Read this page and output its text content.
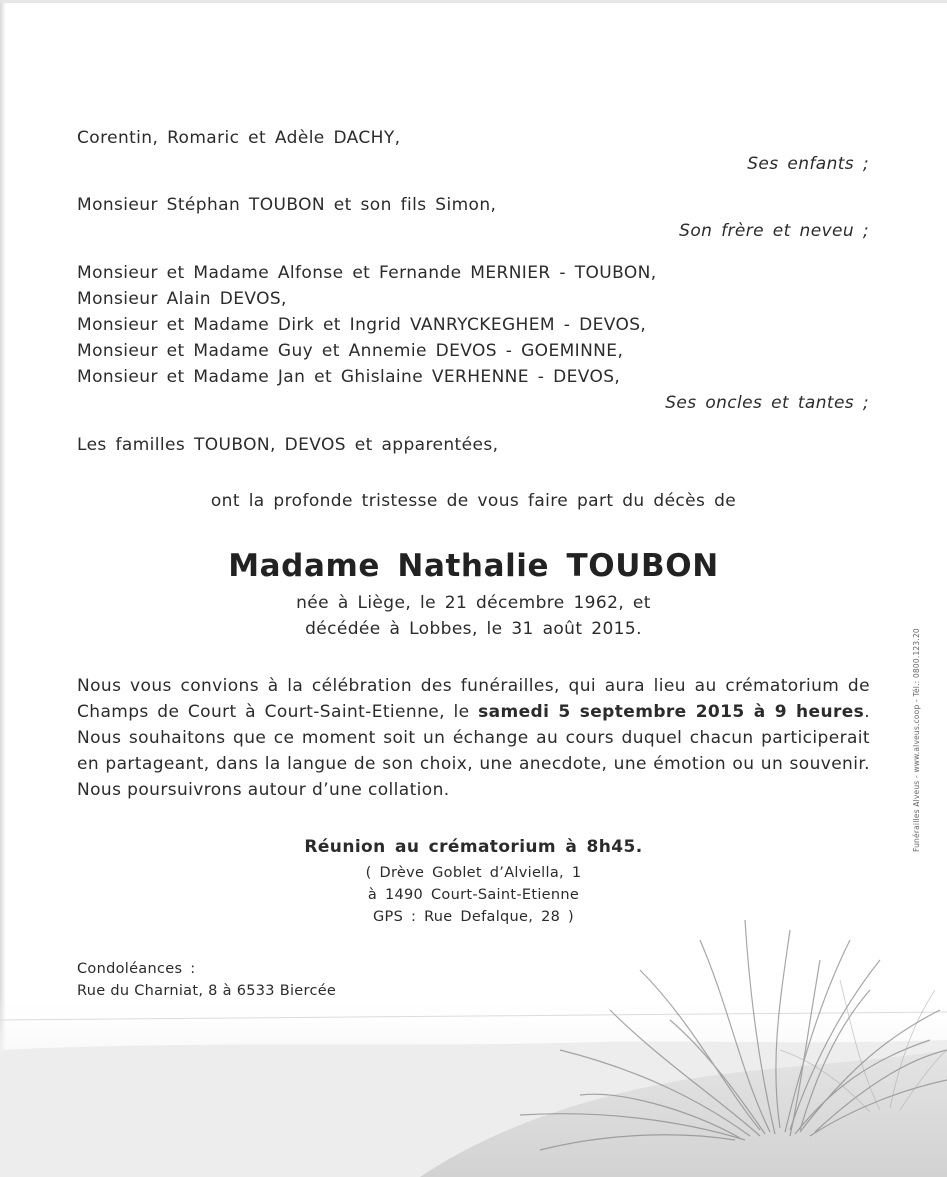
Corentin, Romaric et Adèle DACHY,
Ses enfants ;
Monsieur Stéphan TOUBON et son fils Simon,
Son frère et neveu ;
Monsieur et Madame Alfonse et Fernande MERNIER - TOUBON,
Monsieur Alain DEVOS,
Monsieur et Madame Dirk et Ingrid VANRYCKEGHEM - DEVOS,
Monsieur et Madame Guy et Annemie DEVOS - GOEMINNE,
Monsieur et Madame Jan et Ghislaine VERHENNE - DEVOS,
Ses oncles et tantes ;
Les familles TOUBON, DEVOS et apparentées,
ont la profonde tristesse de vous faire part du décès de
Madame Nathalie TOUBON
née à Liège, le 21 décembre 1962, et
décédée à Lobbes, le 31 août 2015.
Nous vous convions à la célébration des funérailles, qui aura lieu au crématorium de Champs de Court à Court-Saint-Etienne, le samedi 5 septembre 2015 à 9 heures. Nous souhaitons que ce moment soit un échange au cours duquel chacun participerait en partageant, dans la langue de son choix, une anecdote, une émotion ou un souvenir. Nous poursuivrons autour d’une collation.
Réunion au crématorium à 8h45.
( Drève Goblet d’Alviella, 1
à 1490 Court-Saint-Etienne
GPS : Rue Defalque, 28 )
Condoléances :
Rue du Charniat, 8 à 6533 Biercée
Funérailles Alveus - www.alveus.coop - Tél.: 0800.123.20
